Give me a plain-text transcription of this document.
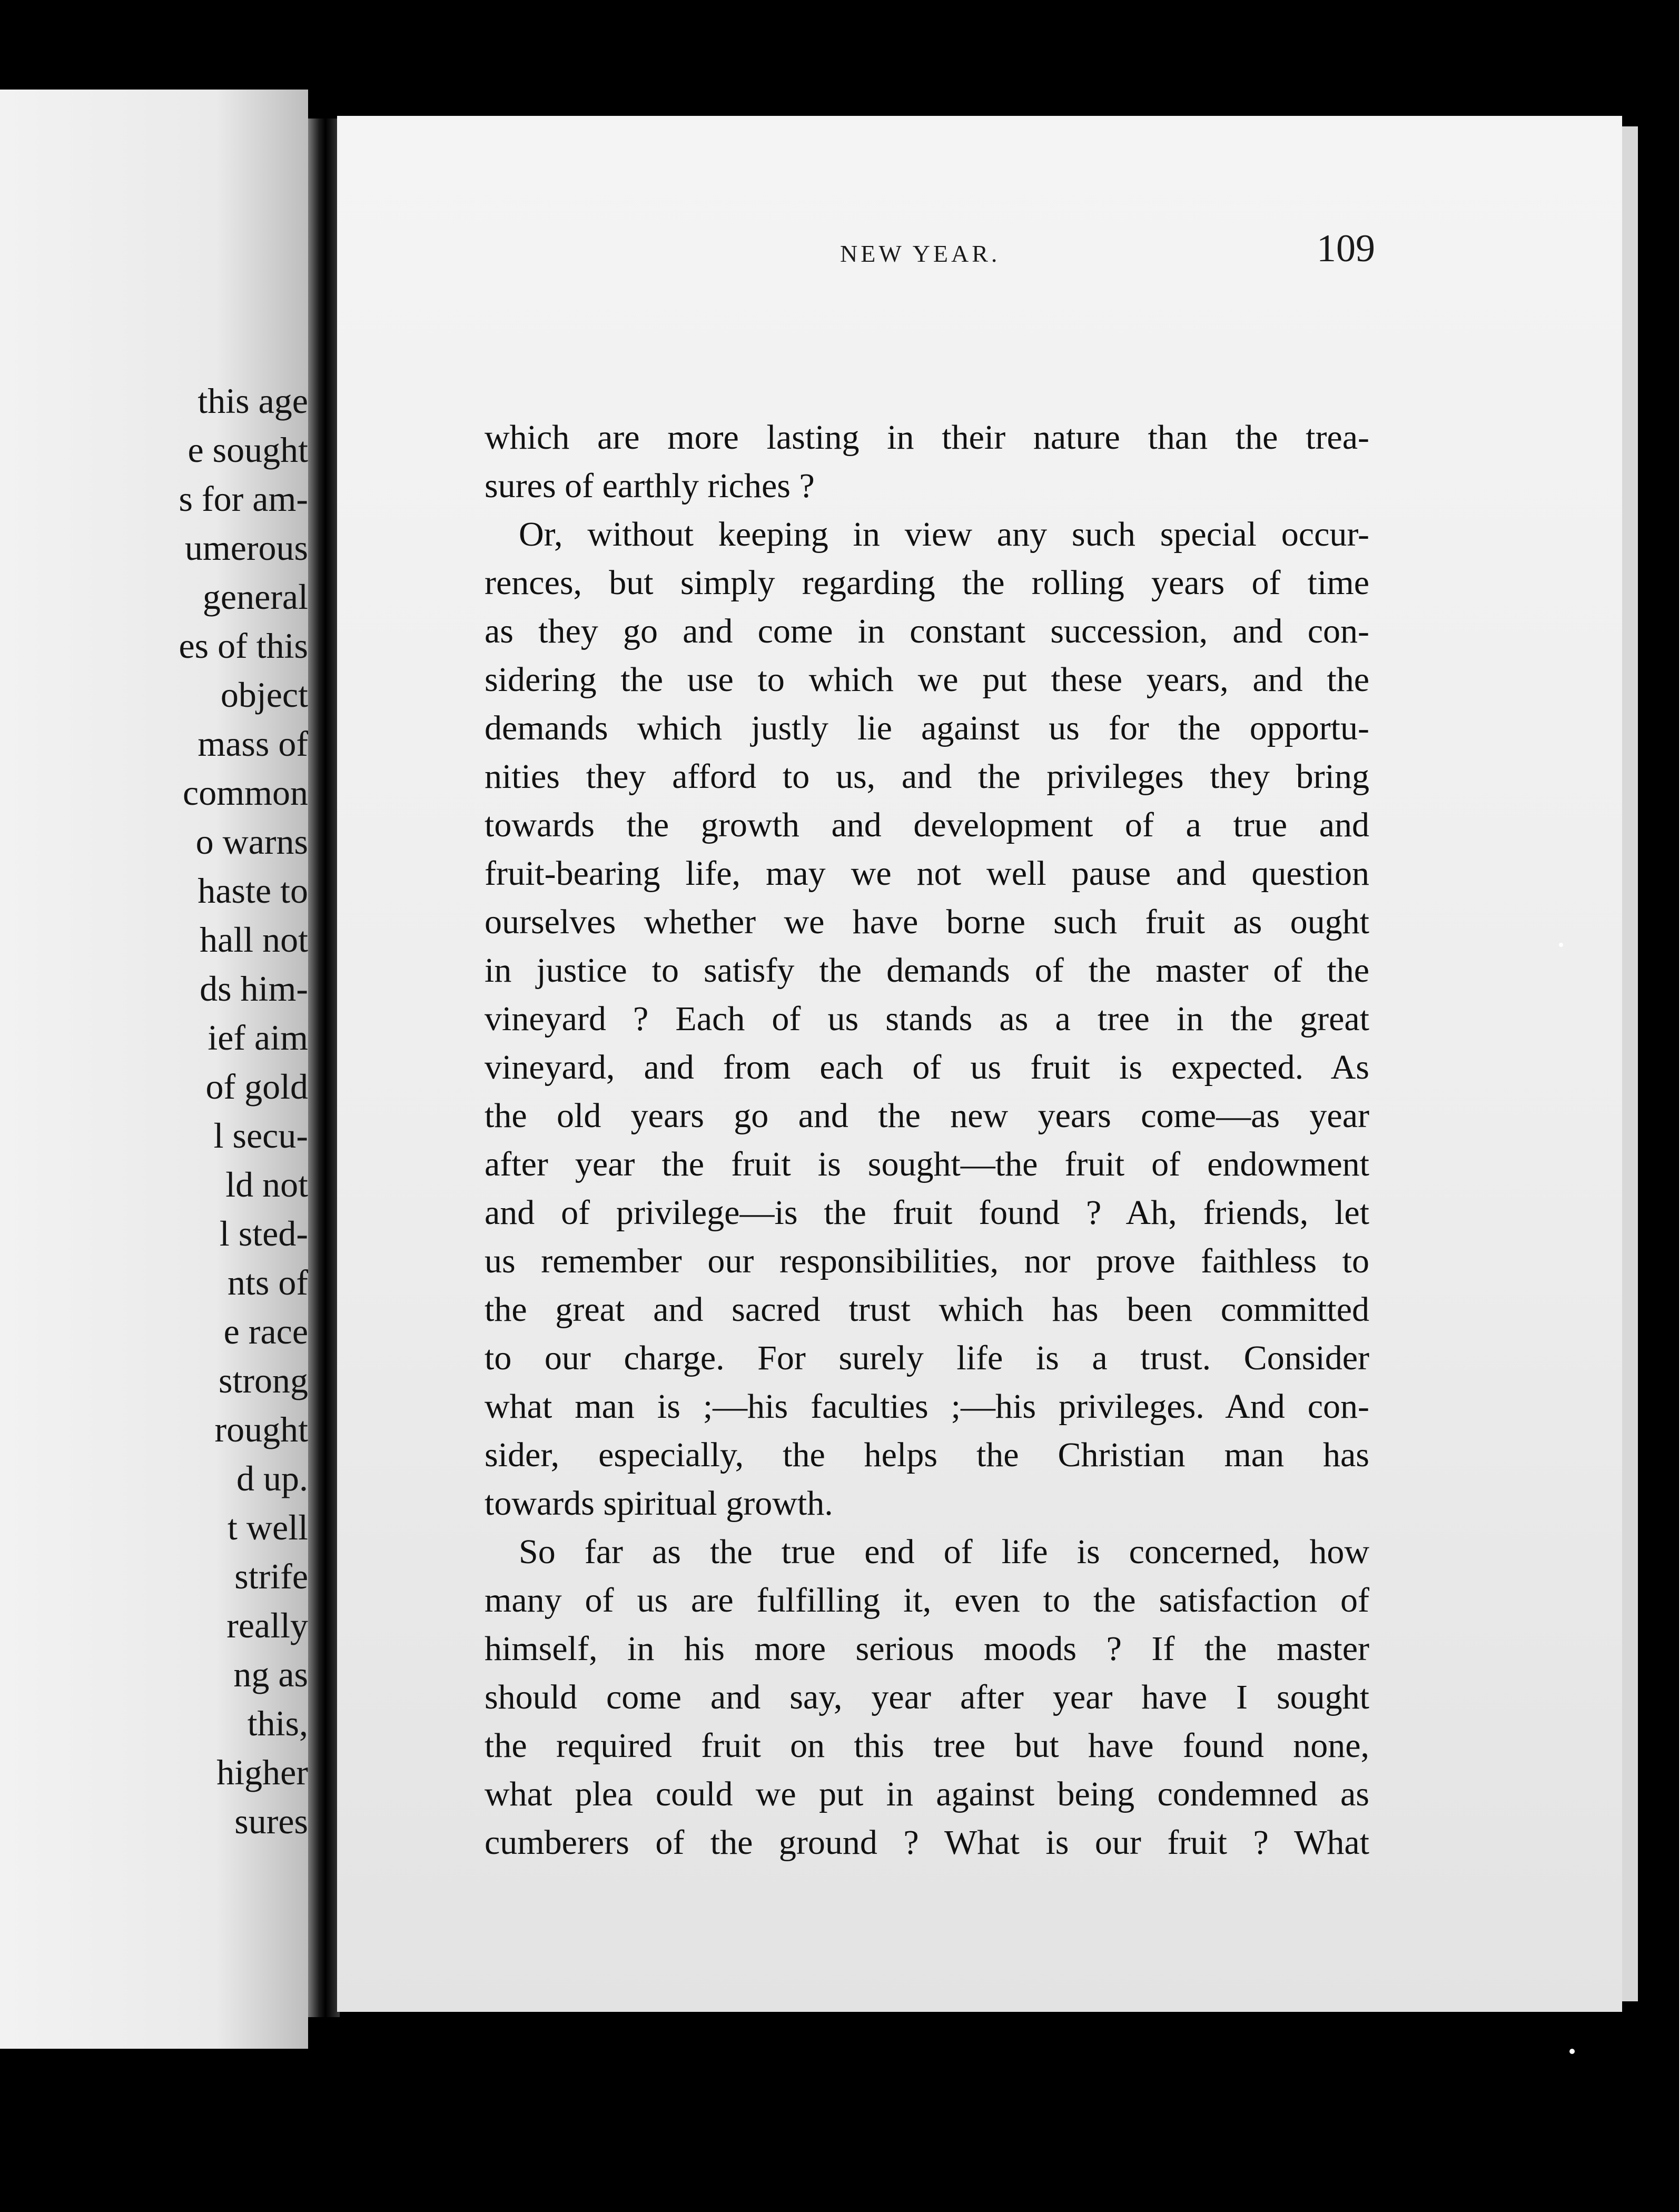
this age
e sought
s for am-
umerous
general
es of this
object
mass of
common
o warns
haste to
hall not
ds him-
ief aim
of gold
l secu-
ld not
l sted-
nts of
e race
strong
rought
d up.
t well
strife
really
ng as
this,
higher
sures
NEW YEAR.	109
which are more lasting in their nature than the trea-
sures of earthly riches ?
Or, without keeping in view any such special occur-
rences, but simply regarding the rolling years of time
as they go and come in constant succession, and con-
sidering the use to which we put these years, and the
demands which justly lie against us for the opportu-
nities they afford to us, and the privileges they bring
towards the growth and development of a true and
fruit-bearing life, may we not well pause and question
ourselves whether we have borne such fruit as ought
in justice to satisfy the demands of the master of the
vineyard ? Each of us stands as a tree in the great
vineyard, and from each of us fruit is expected. As
the old years go and the new years come—as year
after year the fruit is sought—the fruit of endowment
and of privilege—is the fruit found ? Ah, friends, let
us remember our responsibilities, nor prove faithless to
the great and sacred trust which has been committed
to our charge. For surely life is a trust. Consider
what man is ;—his faculties ;—his privileges. And con-
sider, especially, the helps the Christian man has
towards spiritual growth.
So far as the true end of life is concerned, how
many of us are fulfilling it, even to the satisfaction of
himself, in his more serious moods ? If the master
should come and say, year after year have I sought
the required fruit on this tree but have found none,
what plea could we put in against being condemned as
cumberers of the ground ? What is our fruit ? What
